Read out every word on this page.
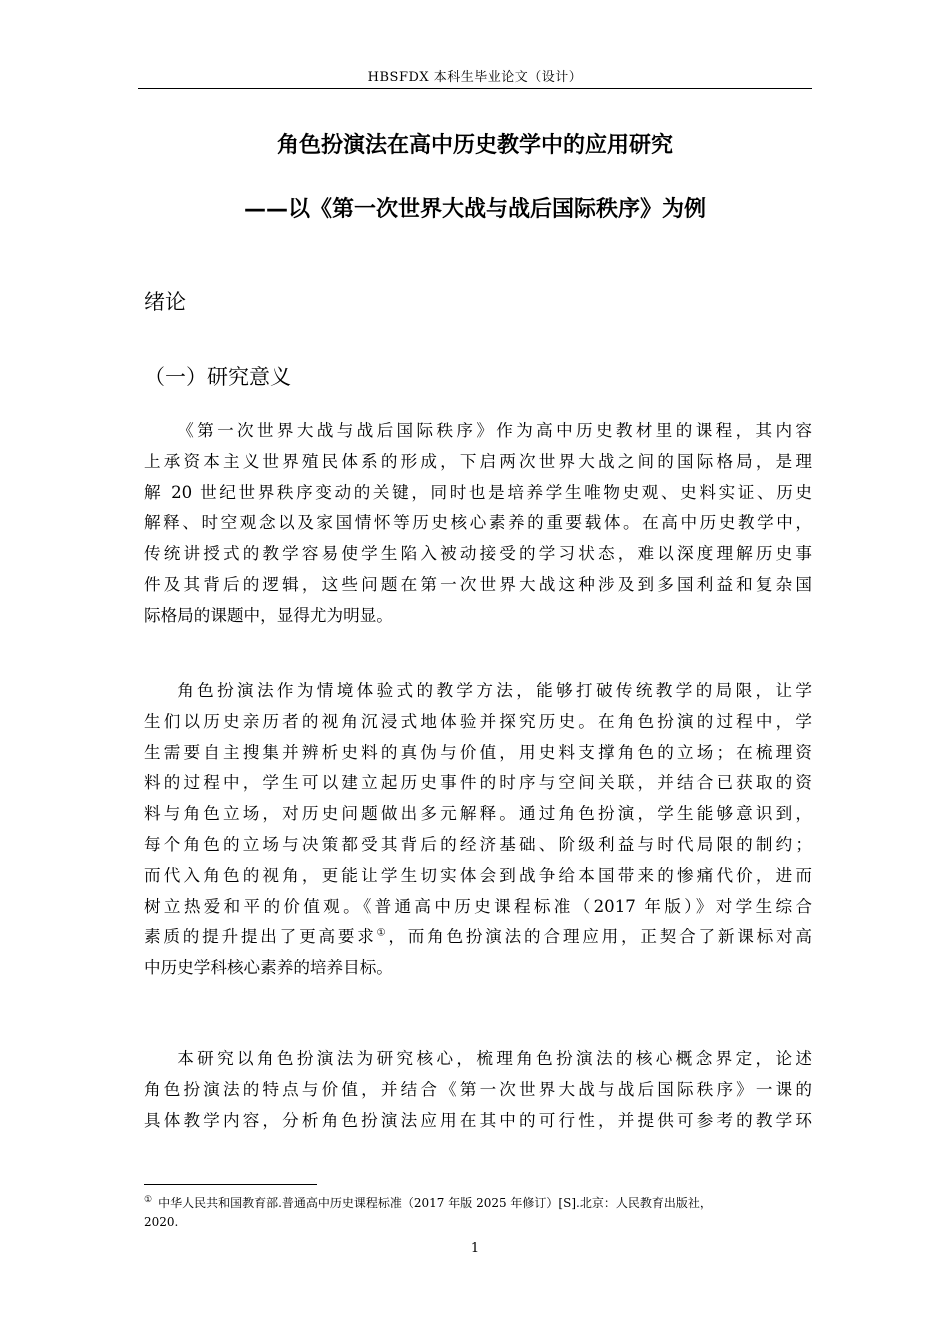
HBSFDX 本科生毕业论文（设计）
角色扮演法在高中历史教学中的应用研究
——以《第一次世界大战与战后国际秩序》为例
绪论
（一）研究意义
《第一次世界大战与战后国际秩序》作为高中历史教材里的课程，其内容
上承资本主义世界殖民体系的形成，下启两次世界大战之间的国际格局，是理
解 20 世纪世界秩序变动的关键，同时也是培养学生唯物史观、史料实证、历史
解释、时空观念以及家国情怀等历史核心素养的重要载体。在高中历史教学中，
传统讲授式的教学容易使学生陷入被动接受的学习状态，难以深度理解历史事
件及其背后的逻辑，这些问题在第一次世界大战这种涉及到多国利益和复杂国
际格局的课题中，显得尤为明显。
角色扮演法作为情境体验式的教学方法，能够打破传统教学的局限，让学
生们以历史亲历者的视角沉浸式地体验并探究历史。在角色扮演的过程中，学
生需要自主搜集并辨析史料的真伪与价值，用史料支撑角色的立场；在梳理资
料的过程中，学生可以建立起历史事件的时序与空间关联，并结合已获取的资
料与角色立场，对历史问题做出多元解释。通过角色扮演，学生能够意识到，
每个角色的立场与决策都受其背后的经济基础、阶级利益与时代局限的制约；
而代入角色的视角，更能让学生切实体会到战争给本国带来的惨痛代价，进而
树立热爱和平的价值观。《普通高中历史课程标准（2017 年版）》对学生综合
素质的提升提出了更高要求①，而角色扮演法的合理应用，正契合了新课标对高
中历史学科核心素养的培养目标。
本研究以角色扮演法为研究核心，梳理角色扮演法的核心概念界定，论述
角色扮演法的特点与价值，并结合《第一次世界大战与战后国际秩序》一课的
具体教学内容，分析角色扮演法应用在其中的可行性，并提供可参考的教学环
① 中华人民共和国教育部.普通高中历史课程标准（2017 年版 2025 年修订）[S].北京：人民教育出版社，
2020.
1
